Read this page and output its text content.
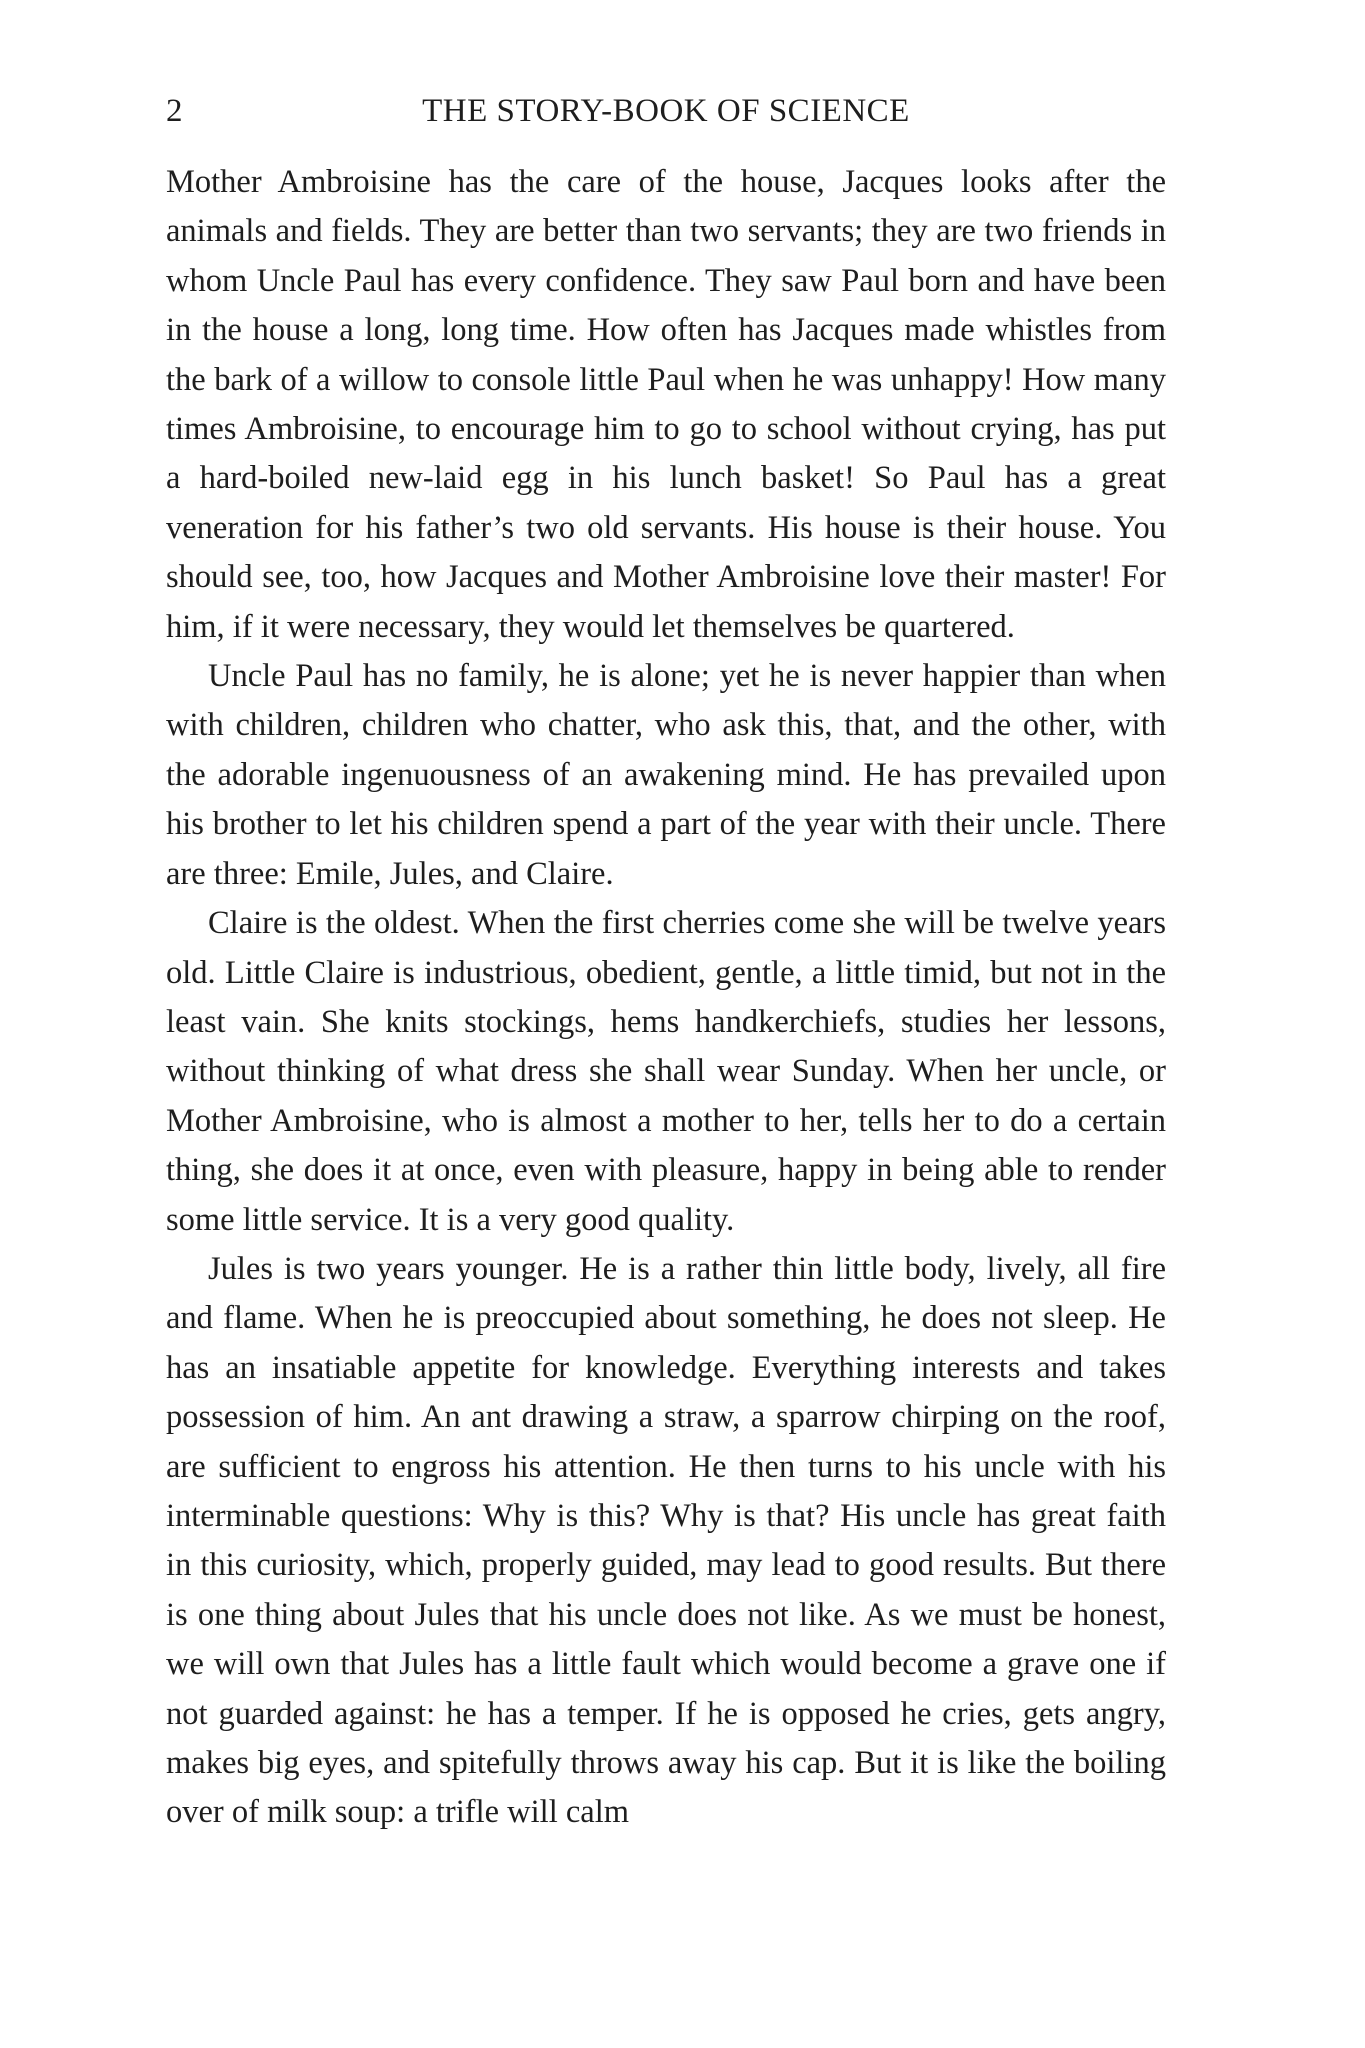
2	THE STORY-BOOK OF SCIENCE

Mother Ambroisine has the care of the house, Jacques looks after the animals and fields. They are better than two servants; they are two friends in whom Uncle Paul has every confidence. They saw Paul born and have been in the house a long, long time. How often has Jacques made whistles from the bark of a willow to console little Paul when he was unhappy! How many times Ambroisine, to encourage him to go to school without crying, has put a hard-boiled new-laid egg in his lunch basket! So Paul has a great veneration for his father’s two old servants. His house is their house. You should see, too, how Jacques and Mother Ambroisine love their master! For him, if it were necessary, they would let themselves be quartered.

Uncle Paul has no family, he is alone; yet he is never happier than when with children, children who chatter, who ask this, that, and the other, with the adorable ingenuousness of an awakening mind. He has prevailed upon his brother to let his children spend a part of the year with their uncle. There are three: Emile, Jules, and Claire.

Claire is the oldest. When the first cherries come she will be twelve years old. Little Claire is industrious, obedient, gentle, a little timid, but not in the least vain. She knits stockings, hems handkerchiefs, studies her lessons, without thinking of what dress she shall wear Sunday. When her uncle, or Mother Ambroisine, who is almost a mother to her, tells her to do a certain thing, she does it at once, even with pleasure, happy in being able to render some little service. It is a very good quality.

Jules is two years younger. He is a rather thin little body, lively, all fire and flame. When he is preoccupied about something, he does not sleep. He has an insatiable appetite for knowledge. Everything interests and takes possession of him. An ant drawing a straw, a sparrow chirping on the roof, are sufficient to engross his attention. He then turns to his uncle with his interminable questions: Why is this? Why is that? His uncle has great faith in this curiosity, which, properly guided, may lead to good results. But there is one thing about Jules that his uncle does not like. As we must be honest, we will own that Jules has a little fault which would become a grave one if not guarded against: he has a temper. If he is opposed he cries, gets angry, makes big eyes, and spitefully throws away his cap. But it is like the boiling over of milk soup: a trifle will calm
